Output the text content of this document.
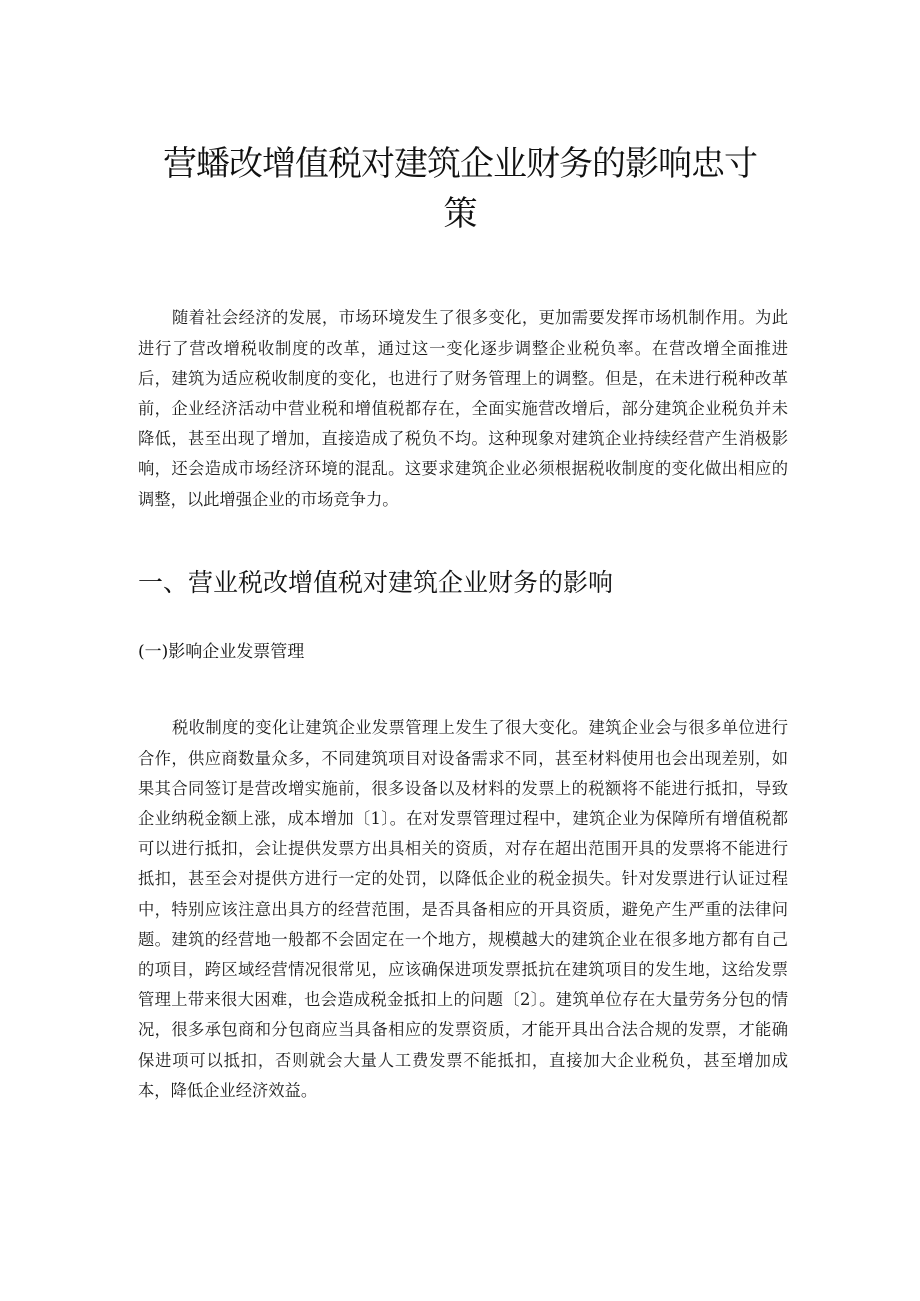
营蟠改增值税对建筑企业财务的影响忠寸
策

随着社会经济的发展，市场环境发生了很多变化，更加需要发挥市场机制作用。为此进行了营改增税收制度的改革，通过这一变化逐步调整企业税负率。在营改增全面推进后，建筑为适应税收制度的变化，也进行了财务管理上的调整。但是，在未进行税种改革前，企业经济活动中营业税和增值税都存在，全面实施营改增后，部分建筑企业税负并未降低，甚至出现了增加，直接造成了税负不均。这种现象对建筑企业持续经营产生消极影响，还会造成市场经济环境的混乱。这要求建筑企业必须根据税收制度的变化做出相应的调整，以此增强企业的市场竞争力。

一、营业税改增值税对建筑企业财务的影响
(一)影响企业发票管理

税收制度的变化让建筑企业发票管理上发生了很大变化。建筑企业会与很多单位进行合作，供应商数量众多，不同建筑项目对设备需求不同，甚至材料使用也会出现差别，如果其合同签订是营改增实施前，很多设备以及材料的发票上的税额将不能进行抵扣，导致企业纳税金额上涨，成本增加〔1〕。在对发票管理过程中，建筑企业为保障所有增值税都可以进行抵扣，会让提供发票方出具相关的资质，对存在超出范围开具的发票将不能进行抵扣，甚至会对提供方进行一定的处罚，以降低企业的税金损失。针对发票进行认证过程中，特别应该注意出具方的经营范围，是否具备相应的开具资质，避免产生严重的法律问题。建筑的经营地一般都不会固定在一个地方，规模越大的建筑企业在很多地方都有自己的项目，跨区域经营情况很常见，应该确保进项发票抵抗在建筑项目的发生地，这给发票管理上带来很大困难，也会造成税金抵扣上的问题〔2〕。建筑单位存在大量劳务分包的情况，很多承包商和分包商应当具备相应的发票资质，才能开具出合法合规的发票，才能确保进项可以抵扣，否则就会大量人工费发票不能抵扣，直接加大企业税负，甚至增加成本，降低企业经济效益。
